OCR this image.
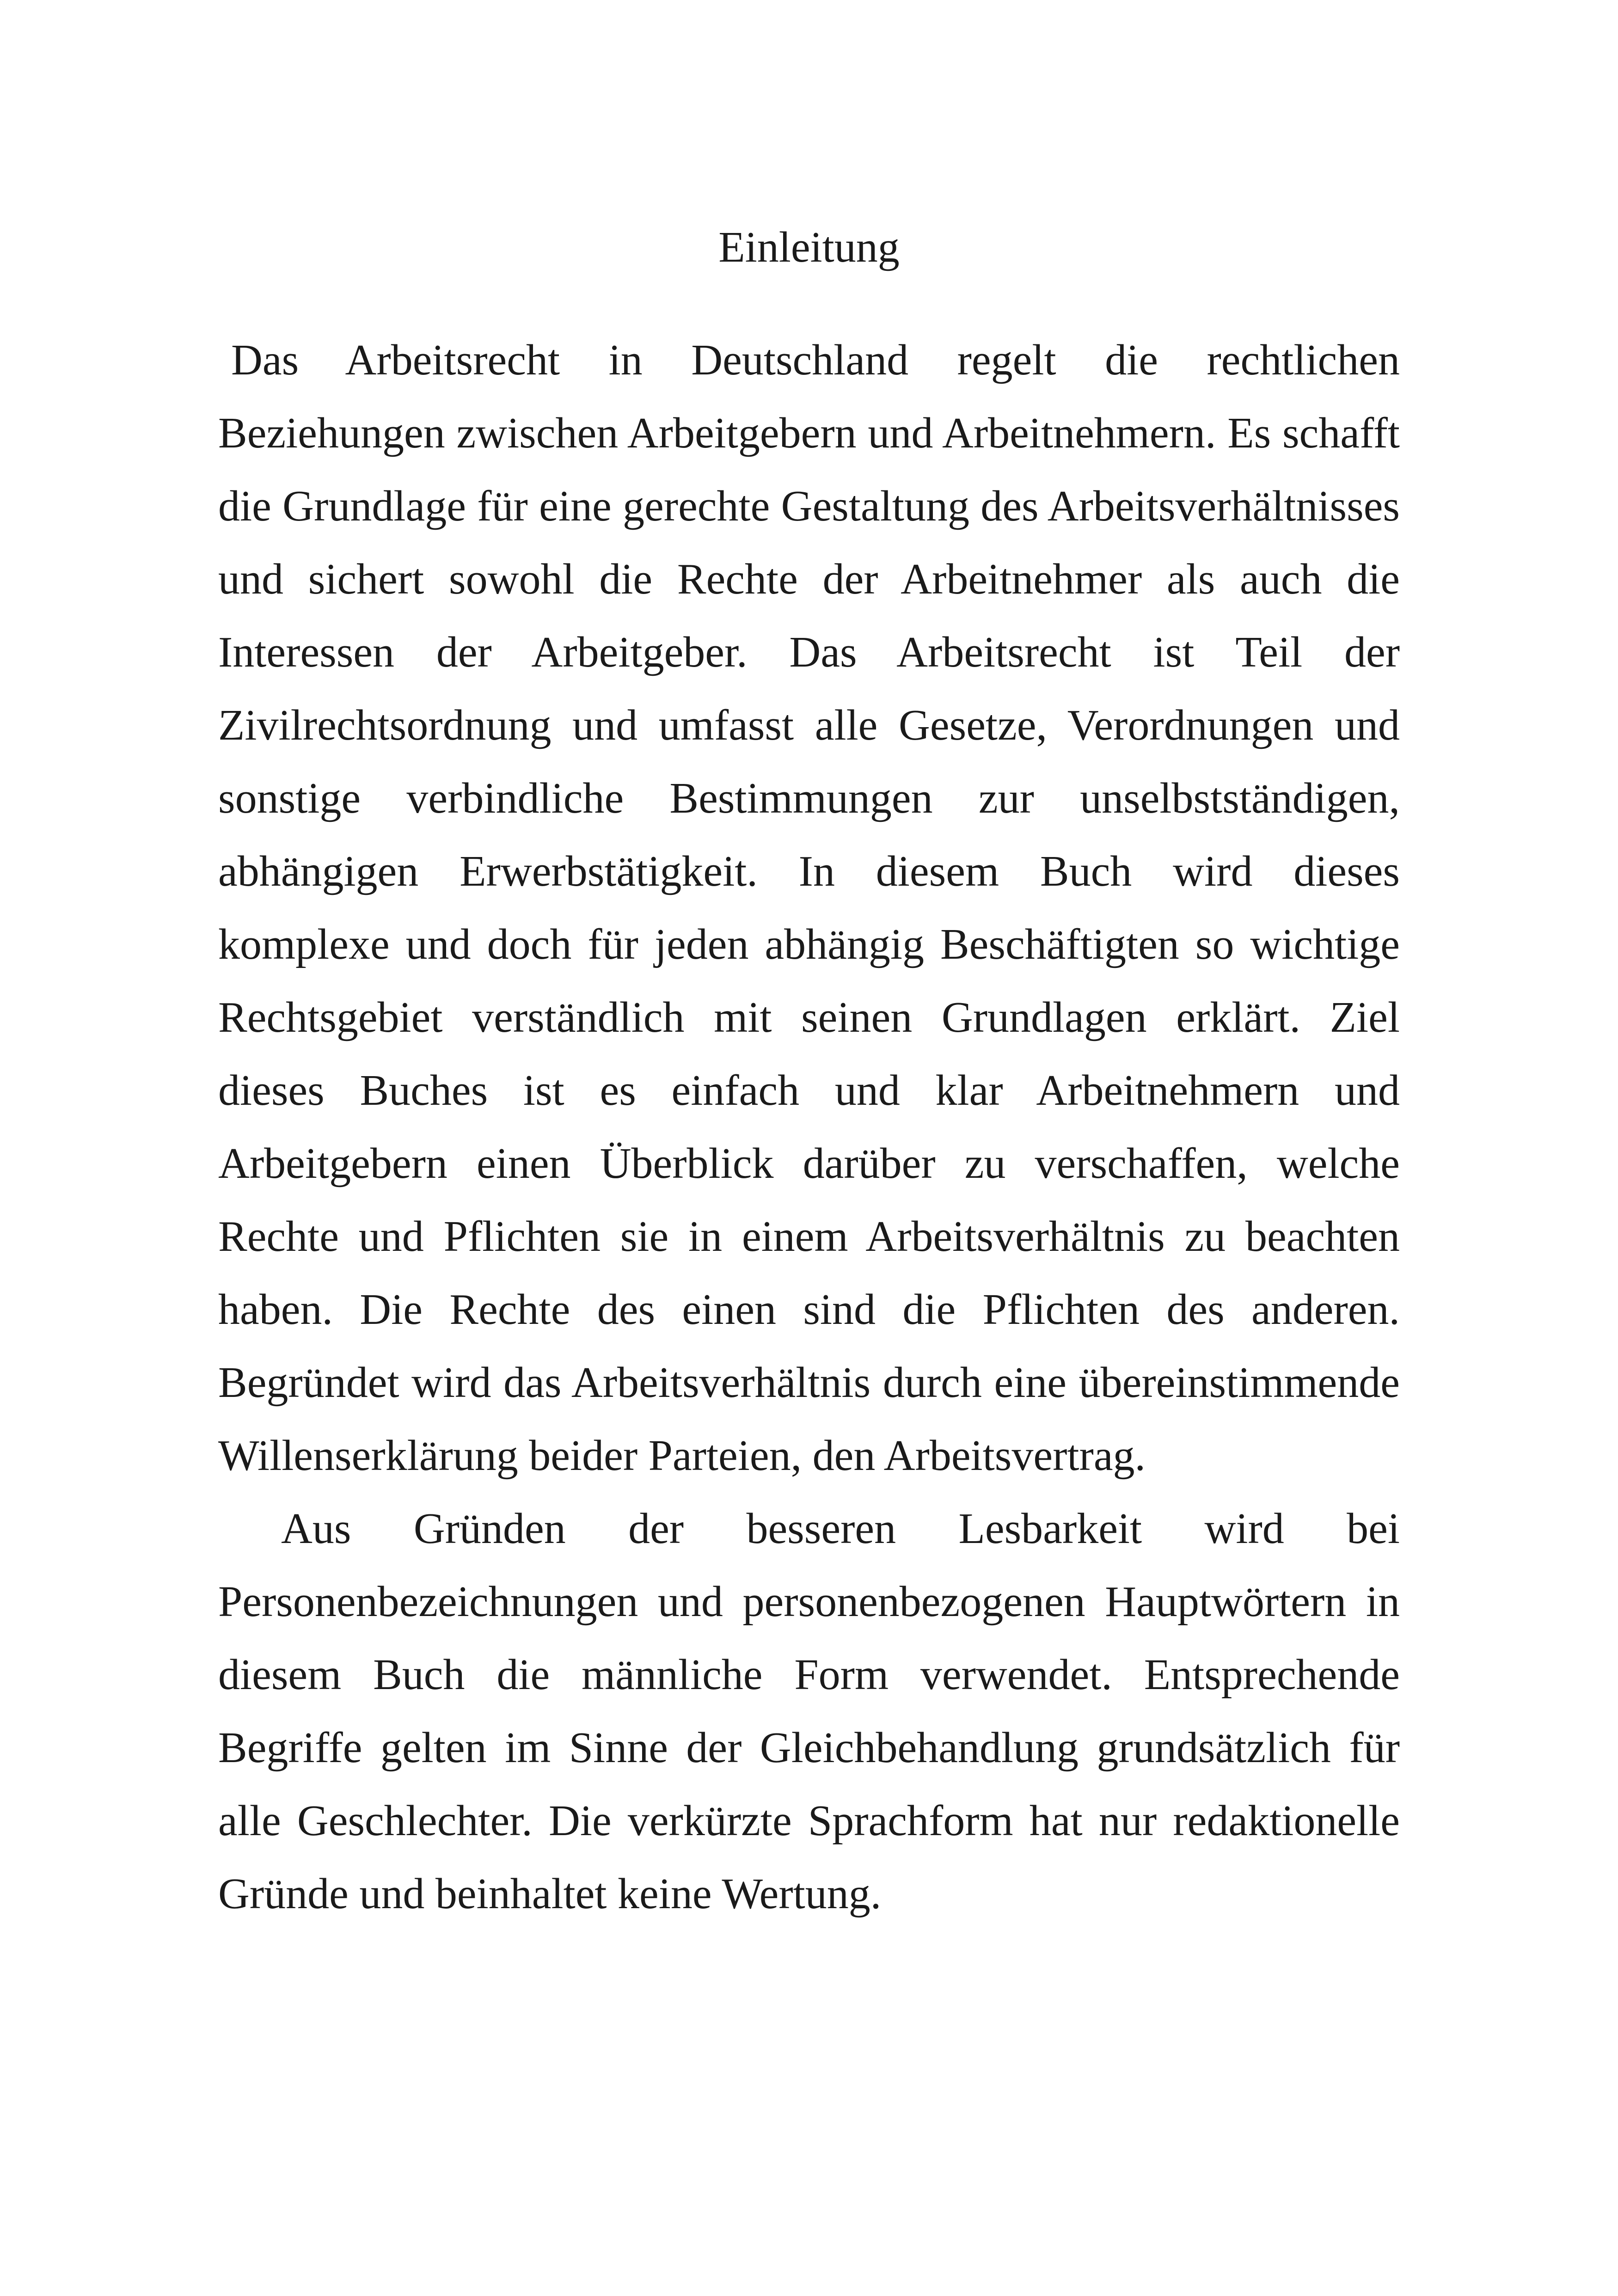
Einleitung

Das Arbeitsrecht in Deutschland regelt die rechtlichen Beziehungen zwischen Arbeitgebern und Arbeitnehmern. Es schafft die Grundlage für eine gerechte Gestaltung des Arbeitsverhältnisses und sichert sowohl die Rechte der Arbeitnehmer als auch die Interessen der Arbeitgeber. Das Arbeitsrecht ist Teil der Zivilrechtsordnung und umfasst alle Gesetze, Verordnungen und sonstige verbindliche Bestimmungen zur unselbstständigen, abhängigen Erwerbstätigkeit. In diesem Buch wird dieses komplexe und doch für jeden abhängig Beschäftigten so wichtige Rechtsgebiet verständlich mit seinen Grundlagen erklärt. Ziel dieses Buches ist es einfach und klar Arbeitnehmern und Arbeitgebern einen Überblick darüber zu verschaffen, welche Rechte und Pflichten sie in einem Arbeitsverhältnis zu beachten haben. Die Rechte des einen sind die Pflichten des anderen. Begründet wird das Arbeitsverhältnis durch eine übereinstimmende Willenserklärung beider Parteien, den Arbeitsvertrag.

Aus Gründen der besseren Lesbarkeit wird bei Personenbezeichnungen und personenbezogenen Hauptwörtern in diesem Buch die männliche Form verwendet. Entsprechende Begriffe gelten im Sinne der Gleichbehandlung grundsätzlich für alle Geschlechter. Die verkürzte Sprachform hat nur redaktionelle Gründe und beinhaltet keine Wertung.
